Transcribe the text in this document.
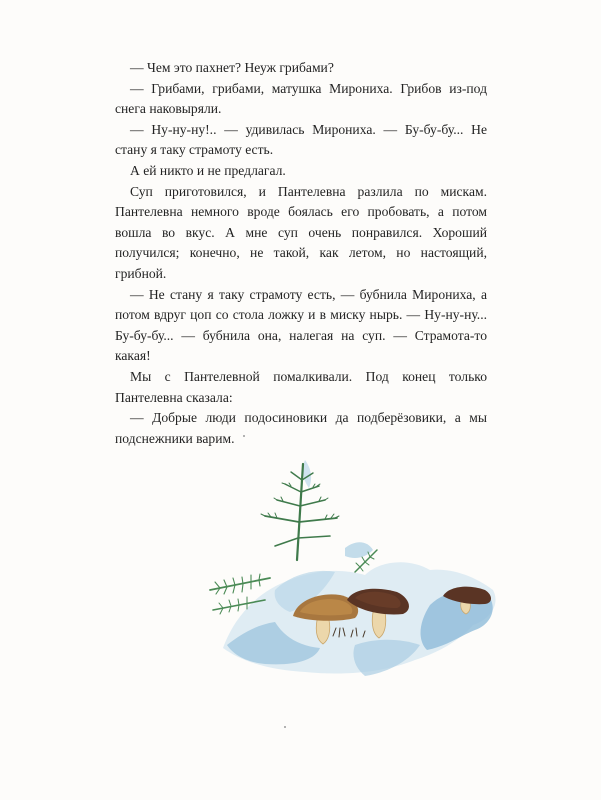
— Чем это пахнет? Неуж грибами?

— Грибами, грибами, матушка Мирониха. Грибов из-под снега наковыряли.

— Ну-ну-ну!.. — удивилась Мирониха. — Бу-бу-бу... Не стану я таку страмоту есть.

А ей никто и не предлагал.

Суп приготовился, и Пантелевна разлила по мискам. Пантелевна немного вроде боялась его пробовать, а потом вошла во вкус. А мне суп очень понравился. Хороший получился; конечно, не такой, как летом, но настоящий, грибной.

— Не стану я таку страмоту есть, — бубнила Мирониха, а потом вдруг цоп со стола ложку и в миску нырь. — Ну-ну-ну... Бу-бу-бу... — бубнила она, налегая на суп. — Страмота-то какая!

Мы с Пантелевной помалкивали. Под конец только Пантелевна сказала:

— Добрые люди подосиновики да подберёзовики, а мы подснежники варим.
